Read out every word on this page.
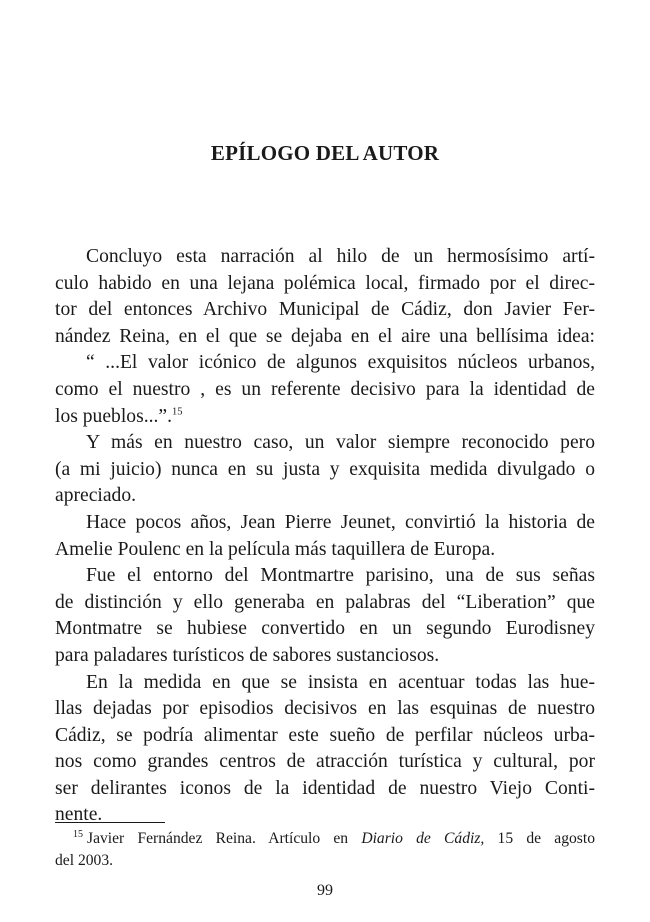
EPÍLOGO DEL AUTOR
Concluyo esta narración al hilo de un hermosísimo artí-
culo habido en una lejana polémica local, firmado por el direc-
tor del entonces Archivo Municipal de Cádiz, don Javier Fer-
nández Reina, en el que se dejaba en el aire una bellísima idea:
“ ...El valor icónico de algunos exquisitos núcleos urbanos,
como el nuestro , es un referente decisivo para la identidad de
los pueblos...”.$^{15}$
Y más en nuestro caso, un valor siempre reconocido pero
(a mi juicio) nunca en su justa y exquisita medida divulgado o
apreciado.
Hace pocos años, Jean Pierre Jeunet, convirtió la historia de
Amelie Poulenc en la película más taquillera de Europa.
Fue el entorno del Montmartre parisino, una de sus señas
de distinción y ello generaba en palabras del “Liberation” que
Montmatre se hubiese convertido en un segundo Eurodisney
para paladares turísticos de sabores sustanciosos.
En la medida en que se insista en acentuar todas las hue-
llas dejadas por episodios decisivos en las esquinas de nuestro
Cádiz, se podría alimentar este sueño de perfilar núcleos urba-
nos como grandes centros de atracción turística y cultural, por
ser delirantes iconos de la identidad de nuestro Viejo Conti-
nente.
$^{15}$ Javier Fernández Reina. Artículo en Diario de Cádiz, 15 de agosto
del 2003.
99
